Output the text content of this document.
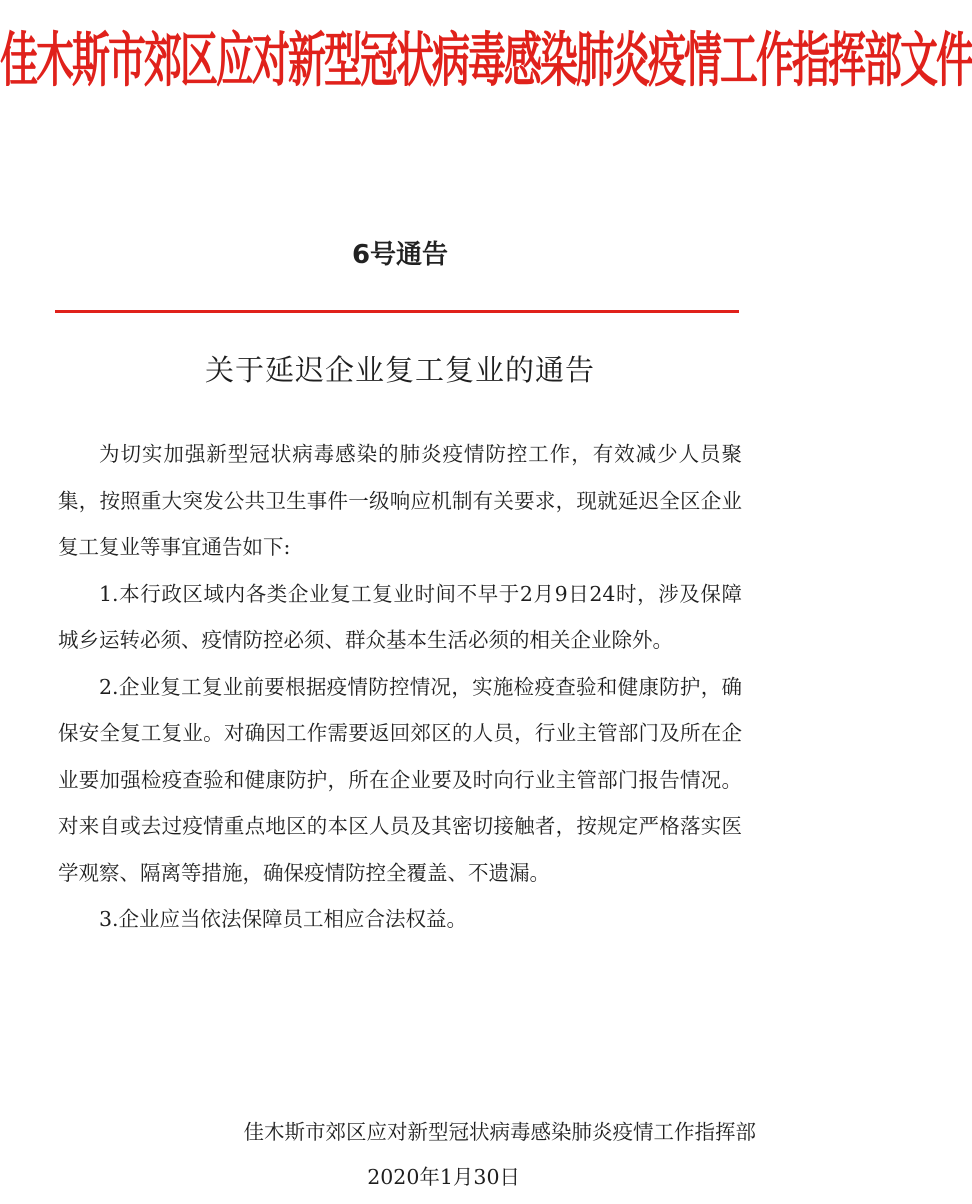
佳木斯市郊区应对新型冠状病毒感染肺炎疫情工作指挥部文件
6号通告
关于延迟企业复工复业的通告

为切实加强新型冠状病毒感染的肺炎疫情防控工作，有效减少人员聚集，按照重大突发公共卫生事件一级响应机制有关要求，现就延迟全区企业复工复业等事宜通告如下:

1.本行政区域内各类企业复工复业时间不早于2月9日24时，涉及保障城乡运转必须、疫情防控必须、群众基本生活必须的相关企业除外。

2.企业复工复业前要根据疫情防控情况，实施检疫查验和健康防护，确保安全复工复业。对确因工作需要返回郊区的人员，行业主管部门及所在企业要加强检疫查验和健康防护，所在企业要及时向行业主管部门报告情况。对来自或去过疫情重点地区的本区人员及其密切接触者，按规定严格落实医学观察、隔离等措施，确保疫情防控全覆盖、不遗漏。

3.企业应当依法保障员工相应合法权益。

佳木斯市郊区应对新型冠状病毒感染肺炎疫情工作指挥部
2020年1月30日
